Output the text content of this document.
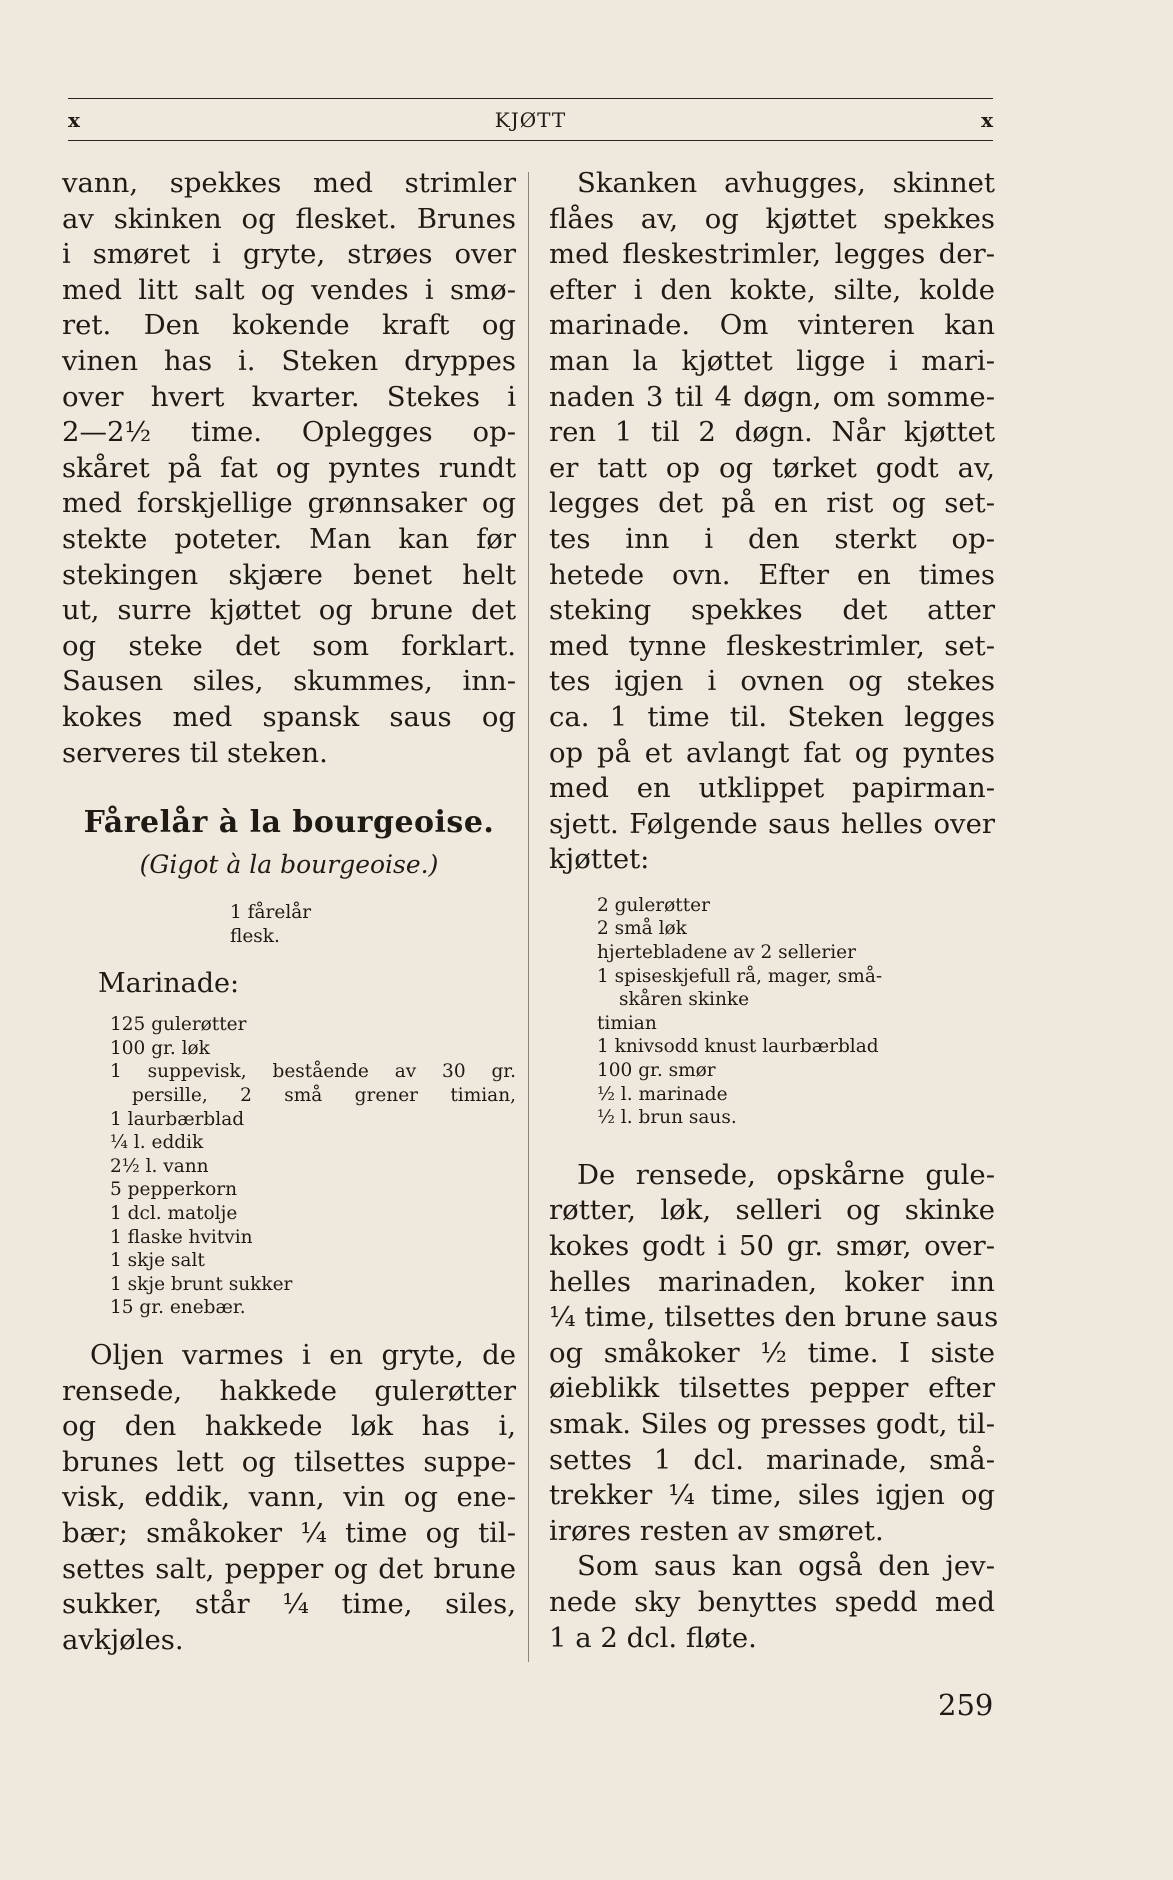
x	KJØTT	x
vann, spekkes med strimler
av skinken og flesket. Brunes
i smøret i gryte, strøes over
med litt salt og vendes i smø-
ret. Den kokende kraft og
vinen has i. Steken dryppes
over hvert kvarter. Stekes i
2—2½ time. Oplegges op-
skåret på fat og pyntes rundt
med forskjellige grønnsaker og
stekte poteter. Man kan før
stekingen skjære benet helt
ut, surre kjøttet og brune det
og steke det som forklart.
Sausen siles, skummes, inn-
kokes med spansk saus og
serveres til steken.
Fårelår à la bourgeoise.
(Gigot à la bourgeoise.)
1 fårelår
flesk.
Marinade:
125 gulerøtter
100 gr. løk
1 suppevisk, bestående av 30 gr.
persille, 2 små grener timian,
1 laurbærblad
¼ l. eddik
2½ l. vann
5 pepperkorn
1 dcl. matolje
1 flaske hvitvin
1 skje salt
1 skje brunt sukker
15 gr. enebær.
Oljen varmes i en gryte, de
rensede, hakkede gulerøtter
og den hakkede løk has i,
brunes lett og tilsettes suppe-
visk, eddik, vann, vin og ene-
bær; småkoker ¼ time og til-
settes salt, pepper og det brune
sukker, står ¼ time, siles,
avkjøles.
Skanken avhugges, skinnet
flåes av, og kjøttet spekkes
med fleskestrimler, legges der-
efter i den kokte, silte, kolde
marinade. Om vinteren kan
man la kjøttet ligge i mari-
naden 3 til 4 døgn, om somme-
ren 1 til 2 døgn. Når kjøttet
er tatt op og tørket godt av,
legges det på en rist og set-
tes inn i den sterkt op-
hetede ovn. Efter en times
steking spekkes det atter
med tynne fleskestrimler, set-
tes igjen i ovnen og stekes
ca. 1 time til. Steken legges
op på et avlangt fat og pyntes
med en utklippet papirman-
sjett. Følgende saus helles over
kjøttet:
2 gulerøtter
2 små løk
hjertebladene av 2 sellerier
1 spiseskjefull rå, mager, små-
skåren skinke
timian
1 knivsodd knust laurbærblad
100 gr. smør
½ l. marinade
½ l. brun saus.
De rensede, opskårne gule-
røtter, løk, selleri og skinke
kokes godt i 50 gr. smør, over-
helles marinaden, koker inn
¼ time, tilsettes den brune saus
og småkoker ½ time. I siste
øieblikk tilsettes pepper efter
smak. Siles og presses godt, til-
settes 1 dcl. marinade, små-
trekker ¼ time, siles igjen og
irøres resten av smøret.
Som saus kan også den jev-
nede sky benyttes spedd med
1 a 2 dcl. fløte.
259
